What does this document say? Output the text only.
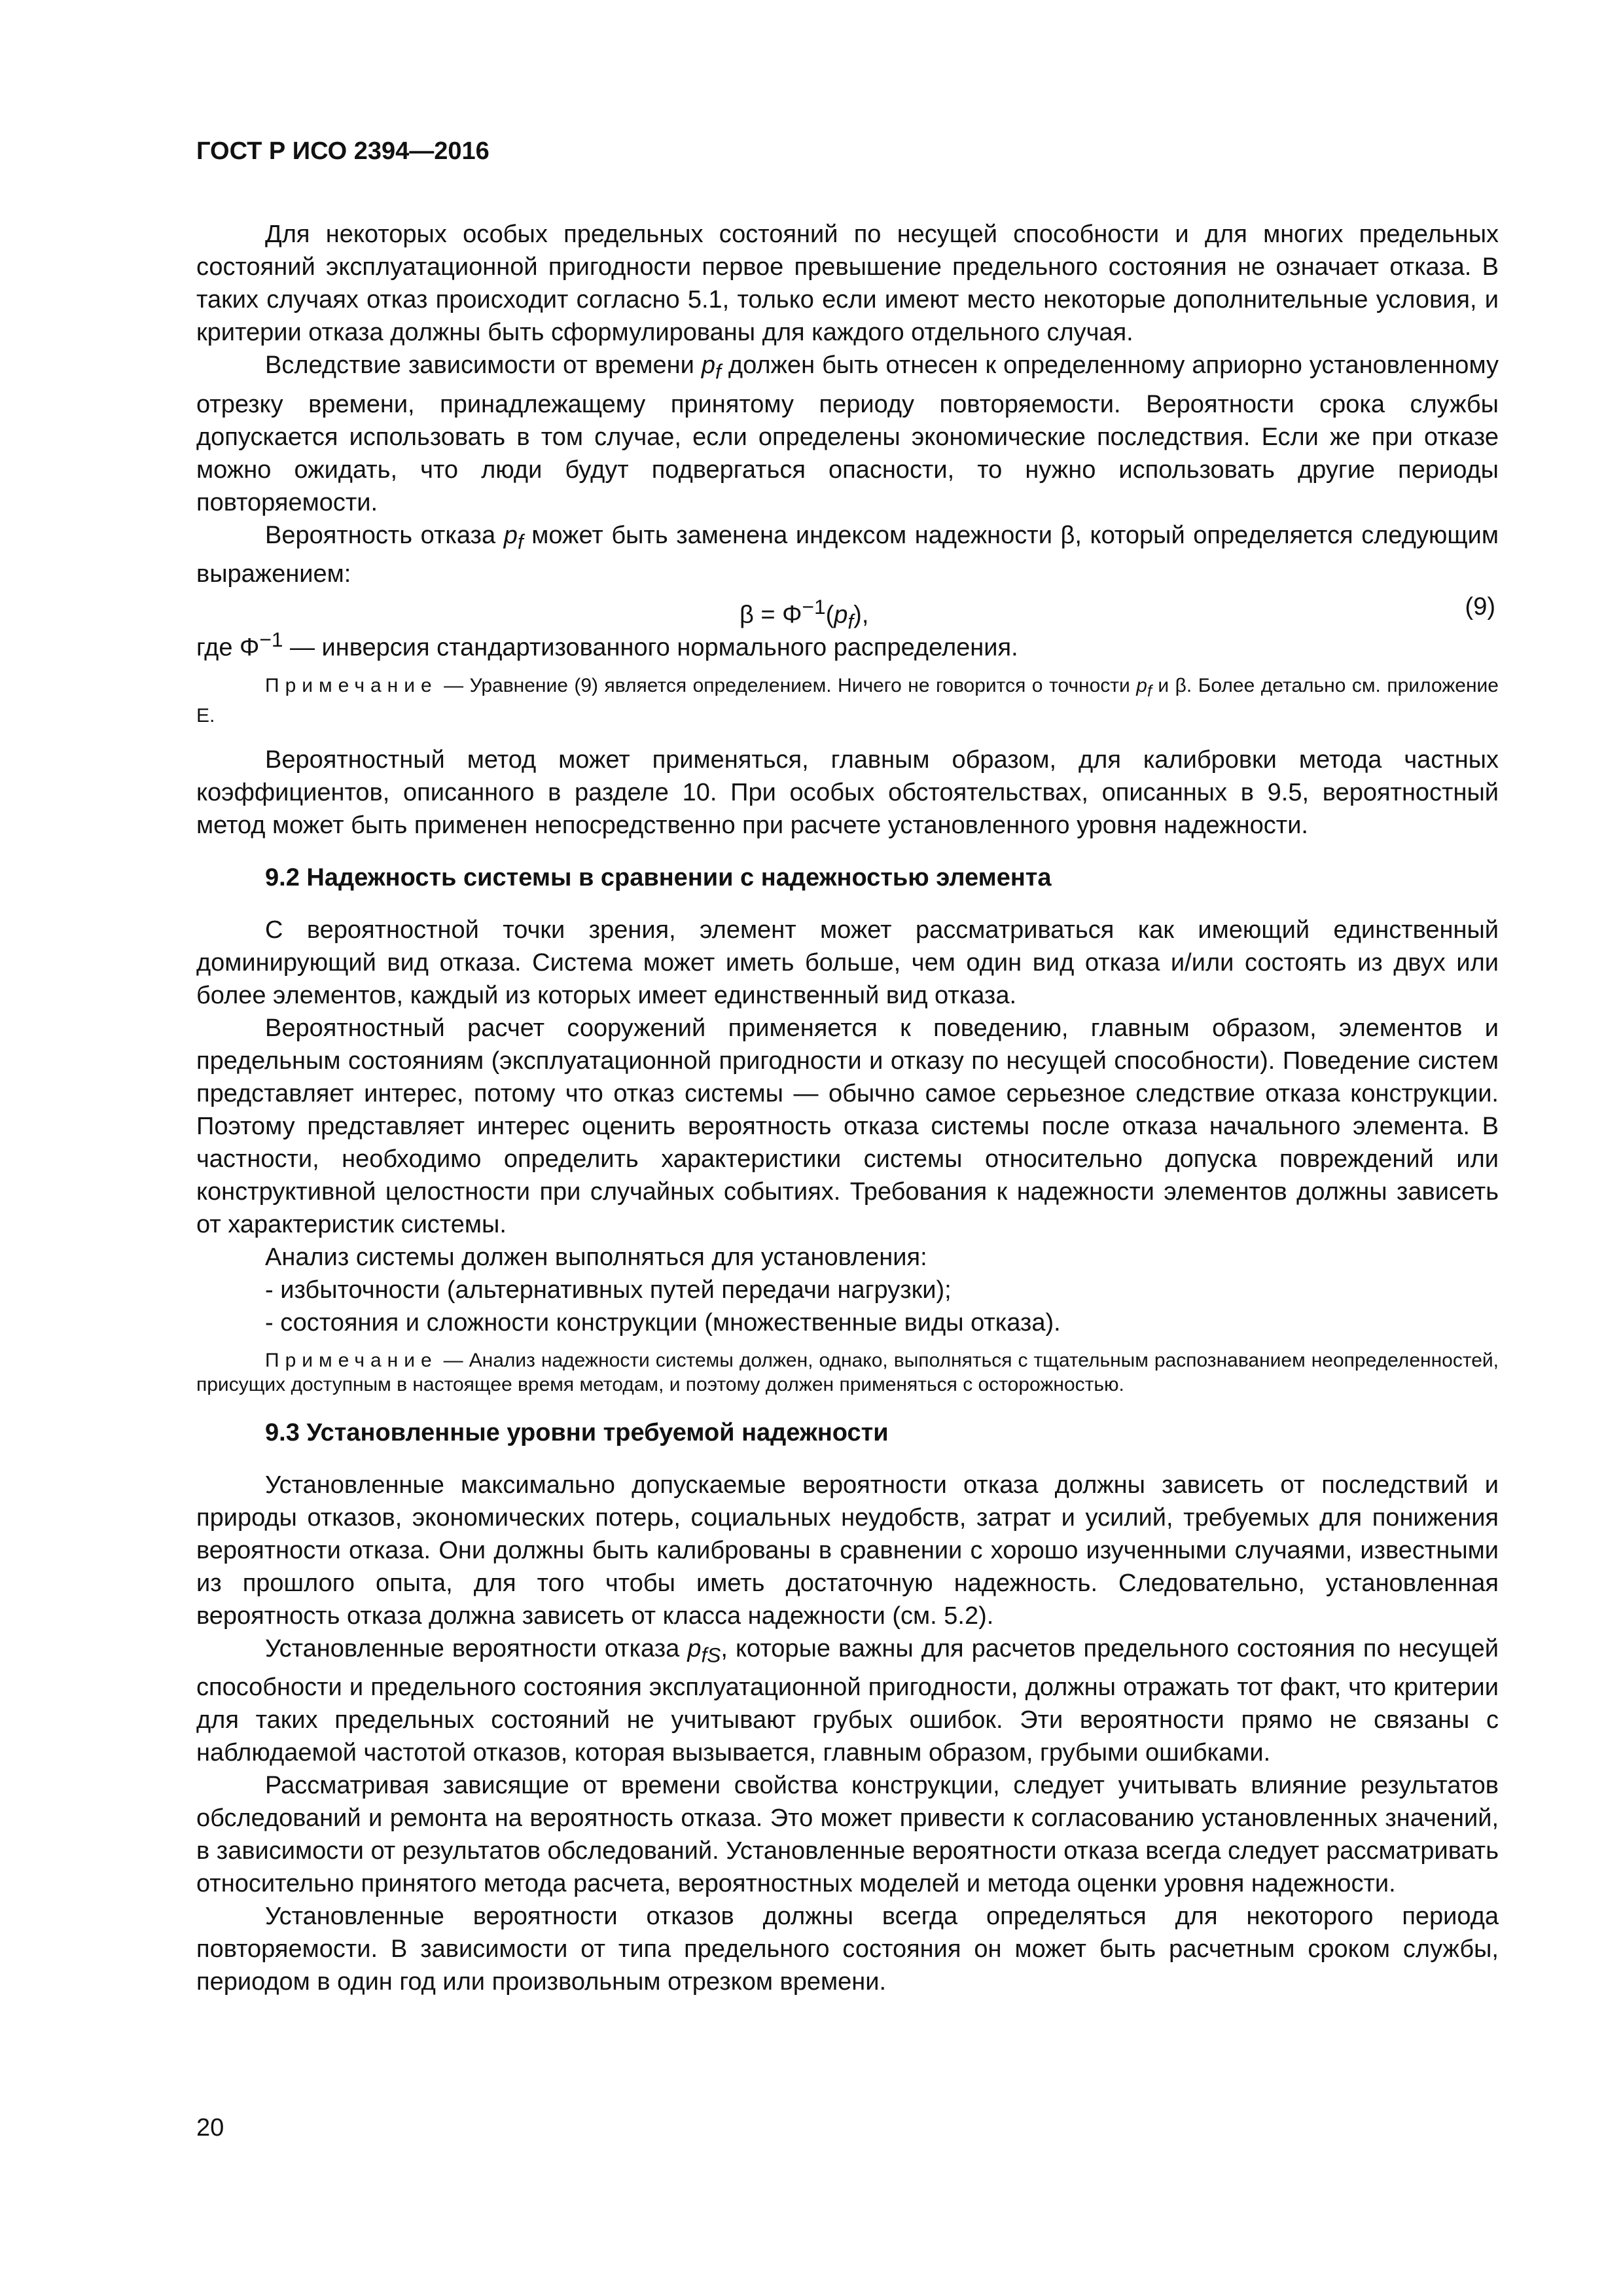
ГОСТ Р ИСО 2394—2016

Для некоторых особых предельных состояний по несущей способности и для многих предельных состояний эксплуатационной пригодности первое превышение предельного состояния не означает отказа. В таких случаях отказ происходит согласно 5.1, только если имеют место некоторые дополнительные условия, и критерии отказа должны быть сформулированы для каждого отдельного случая.

Вследствие зависимости от времени $p_f$ должен быть отнесен к определенному априорно установленному отрезку времени, принадлежащему принятому периоду повторяемости. Вероятности срока службы допускается использовать в том случае, если определены экономические последствия. Если же при отказе можно ожидать, что люди будут подвергаться опасности, то нужно использовать другие периоды повторяемости.

Вероятность отказа $p_f$ может быть заменена индексом надежности β, который определяется следующим выражением:

$\beta = \Phi^{-1}(p_f)$,	(9)

где $\Phi^{-1}$ — инверсия стандартизованного нормального распределения.

Примечание — Уравнение (9) является определением. Ничего не говорится о точности $p_f$ и β. Более детально см. приложение Е.

Вероятностный метод может применяться, главным образом, для калибровки метода частных коэффициентов, описанного в разделе 10. При особых обстоятельствах, описанных в 9.5, вероятностный метод может быть применен непосредственно при расчете установленного уровня надежности.

9.2 Надежность системы в сравнении с надежностью элемента

С вероятностной точки зрения, элемент может рассматриваться как имеющий единственный доминирующий вид отказа. Система может иметь больше, чем один вид отказа и/или состоять из двух или более элементов, каждый из которых имеет единственный вид отказа.

Вероятностный расчет сооружений применяется к поведению, главным образом, элементов и предельным состояниям (эксплуатационной пригодности и отказу по несущей способности). Поведение систем представляет интерес, потому что отказ системы — обычно самое серьезное следствие отказа конструкции. Поэтому представляет интерес оценить вероятность отказа системы после отказа начального элемента. В частности, необходимо определить характеристики системы относительно допуска повреждений или конструктивной целостности при случайных событиях. Требования к надежности элементов должны зависеть от характеристик системы.

Анализ системы должен выполняться для установления:

- избыточности (альтернативных путей передачи нагрузки);

- состояния и сложности конструкции (множественные виды отказа).

Примечание — Анализ надежности системы должен, однако, выполняться с тщательным распознаванием неопределенностей, присущих доступным в настоящее время методам, и поэтому должен применяться с осторожностью.
9.3 Установленные уровни требуемой надежности

Установленные максимально допускаемые вероятности отказа должны зависеть от последствий и природы отказов, экономических потерь, социальных неудобств, затрат и усилий, требуемых для понижения вероятности отказа. Они должны быть калиброваны в сравнении с хорошо изученными случаями, известными из прошлого опыта, для того чтобы иметь достаточную надежность. Следовательно, установленная вероятность отказа должна зависеть от класса надежности (см. 5.2).

Установленные вероятности отказа $p_{fS}$, которые важны для расчетов предельного состояния по несущей способности и предельного состояния эксплуатационной пригодности, должны отражать тот факт, что критерии для таких предельных состояний не учитывают грубых ошибок. Эти вероятности прямо не связаны с наблюдаемой частотой отказов, которая вызывается, главным образом, грубыми ошибками.

Рассматривая зависящие от времени свойства конструкции, следует учитывать влияние результатов обследований и ремонта на вероятность отказа. Это может привести к согласованию установленных значений, в зависимости от результатов обследований. Установленные вероятности отказа всегда следует рассматривать относительно принятого метода расчета, вероятностных моделей и метода оценки уровня надежности.

Установленные вероятности отказов должны всегда определяться для некоторого периода повторяемости. В зависимости от типа предельного состояния он может быть расчетным сроком службы, периодом в один год или произвольным отрезком времени.

20
